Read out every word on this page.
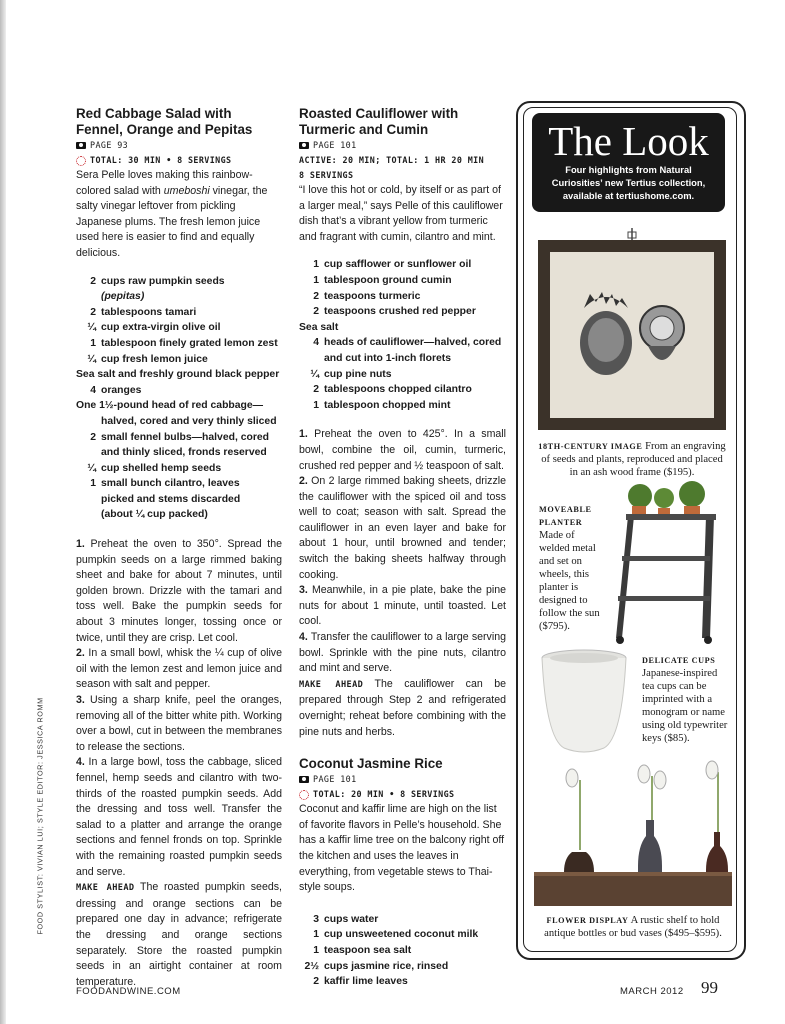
FOOD STYLIST: VIVIAN LUI; STYLE EDITOR: JESSICA ROMM
Red Cabbage Salad with Fennel, Orange and Pepitas
PAGE 93
TOTAL: 30 MIN • 8 SERVINGS

Sera Pelle loves making this rainbow-colored salad with umeboshi vinegar, the salty vinegar leftover from pickling Japanese plums. The fresh lemon juice used here is easier to find and equally delicious.

2 cups raw pumpkin seeds
(pepitas)
2 tablespoons tamari
¼ cup extra-virgin olive oil
1 tablespoon finely grated lemon zest
¼ cup fresh lemon juice
Sea salt and freshly ground black pepper
4 oranges
One 1½-pound head of red cabbage—
halved, cored and very thinly sliced
2 small fennel bulbs—halved, cored
and thinly sliced, fronds reserved
¼ cup shelled hemp seeds
1 small bunch cilantro, leaves
picked and stems discarded
(about ¼ cup packed)

1. Preheat the oven to 350°. Spread the pumpkin seeds on a large rimmed baking sheet and bake for about 7 minutes, until golden brown. Drizzle with the tamari and toss well. Bake the pumpkin seeds for about 3 minutes longer, tossing once or twice, until they are crisp. Let cool.

2. In a small bowl, whisk the ¼ cup of olive oil with the lemon zest and lemon juice and season with salt and pepper.

3. Using a sharp knife, peel the oranges, removing all of the bitter white pith. Working over a bowl, cut in between the membranes to release the sections.

4. In a large bowl, toss the cabbage, sliced fennel, hemp seeds and cilantro with two-thirds of the roasted pumpkin seeds. Add the dressing and toss well. Transfer the salad to a platter and arrange the orange sections and fennel fronds on top. Sprinkle with the remaining roasted pumpkin seeds and serve.

MAKE AHEAD The roasted pumpkin seeds, dressing and orange sections can be prepared one day in advance; refrigerate the dressing and orange sections separately. Store the roasted pumpkin seeds in an airtight container at room temperature.

Roasted Cauliflower with Turmeric and Cumin
PAGE 101
ACTIVE: 20 MIN; TOTAL: 1 HR 20 MIN
8 SERVINGS

“I love this hot or cold, by itself or as part of a larger meal,” says Pelle of this cauliflower dish that’s a vibrant yellow from turmeric and fragrant with cumin, cilantro and mint.

1 cup safflower or sunflower oil
1 tablespoon ground cumin
2 teaspoons turmeric
2 teaspoons crushed red pepper
Sea salt
4 heads of cauliflower—halved, cored
and cut into 1-inch florets
¼ cup pine nuts
2 tablespoons chopped cilantro
1 tablespoon chopped mint

1. Preheat the oven to 425°. In a small bowl, combine the oil, cumin, turmeric, crushed red pepper and ½ teaspoon of salt.

2. On 2 large rimmed baking sheets, drizzle the cauliflower with the spiced oil and toss well to coat; season with salt. Spread the cauliflower in an even layer and bake for about 1 hour, until browned and tender; switch the baking sheets halfway through cooking.

3. Meanwhile, in a pie plate, bake the pine nuts for about 1 minute, until toasted. Let cool.

4. Transfer the cauliflower to a large serving bowl. Sprinkle with the pine nuts, cilantro and mint and serve.

MAKE AHEAD The cauliflower can be prepared through Step 2 and refrigerated overnight; reheat before combining with the pine nuts and herbs.

Coconut Jasmine Rice
PAGE 101
TOTAL: 20 MIN • 8 SERVINGS

Coconut and kaffir lime are high on the list of favorite flavors in Pelle’s household. She has a kaffir lime tree on the balcony right off the kitchen and uses the leaves in everything, from vegetable stews to Thai-style soups.

3 cups water
1 cup unsweetened coconut milk
1 teaspoon sea salt
2½ cups jasmine rice, rinsed
2 kaffir lime leaves
The Look
Four highlights from Natural Curiosities’ new Tertius collection, available at tertiushome.com.
18TH-CENTURY IMAGE From an engraving of seeds and plants, reproduced and placed in an ash wood frame ($195).
MOVEABLE PLANTER
Made of welded metal and set on wheels, this planter is designed to follow the sun ($795).
DELICATE CUPS
Japanese-inspired tea cups can be imprinted with a monogram or name using old typewriter keys ($85).
FLOWER DISPLAY A rustic shelf to hold antique bottles or bud vases ($495–$595).
FOODANDWINE.COM	MARCH 2012 99
